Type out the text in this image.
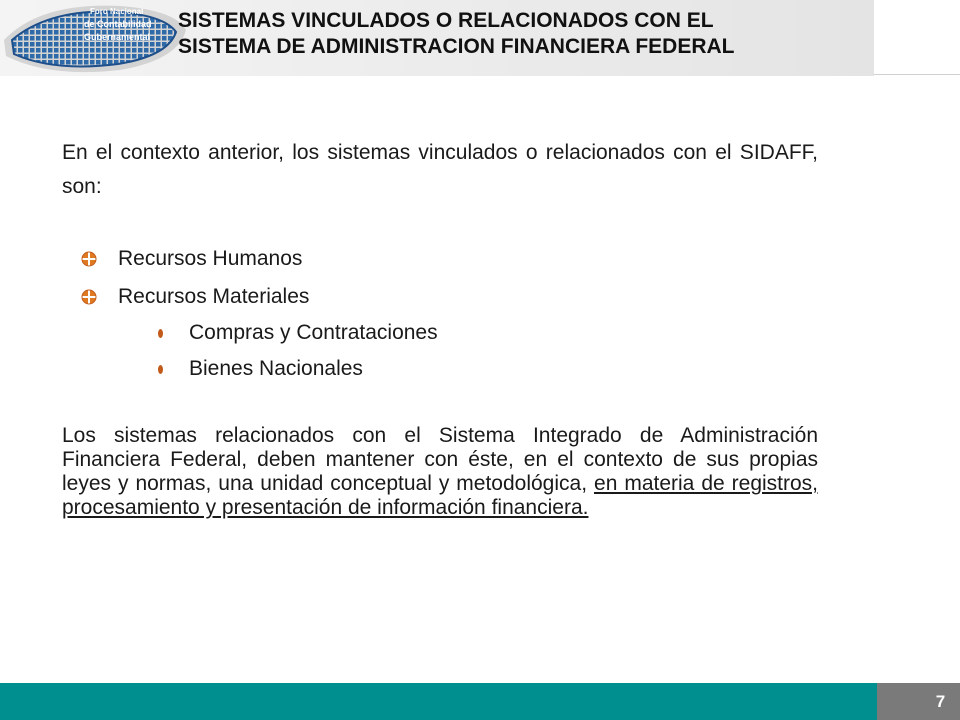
Foro Nacional
de Contabilidad
Gubernamental
SISTEMAS VINCULADOS O RELACIONADOS CON EL
SISTEMA DE ADMINISTRACION FINANCIERA FEDERAL
En el contexto anterior, los sistemas vinculados o relacionados con el SIDAFF, son:
Recursos Humanos
Recursos Materiales
Compras y Contrataciones
Bienes Nacionales
Los sistemas relacionados con el Sistema Integrado de Administración Financiera Federal, deben mantener con éste, en el contexto de sus propias leyes y normas, una unidad conceptual y metodológica, en materia de registros, procesamiento y presentación de información financiera.
7
